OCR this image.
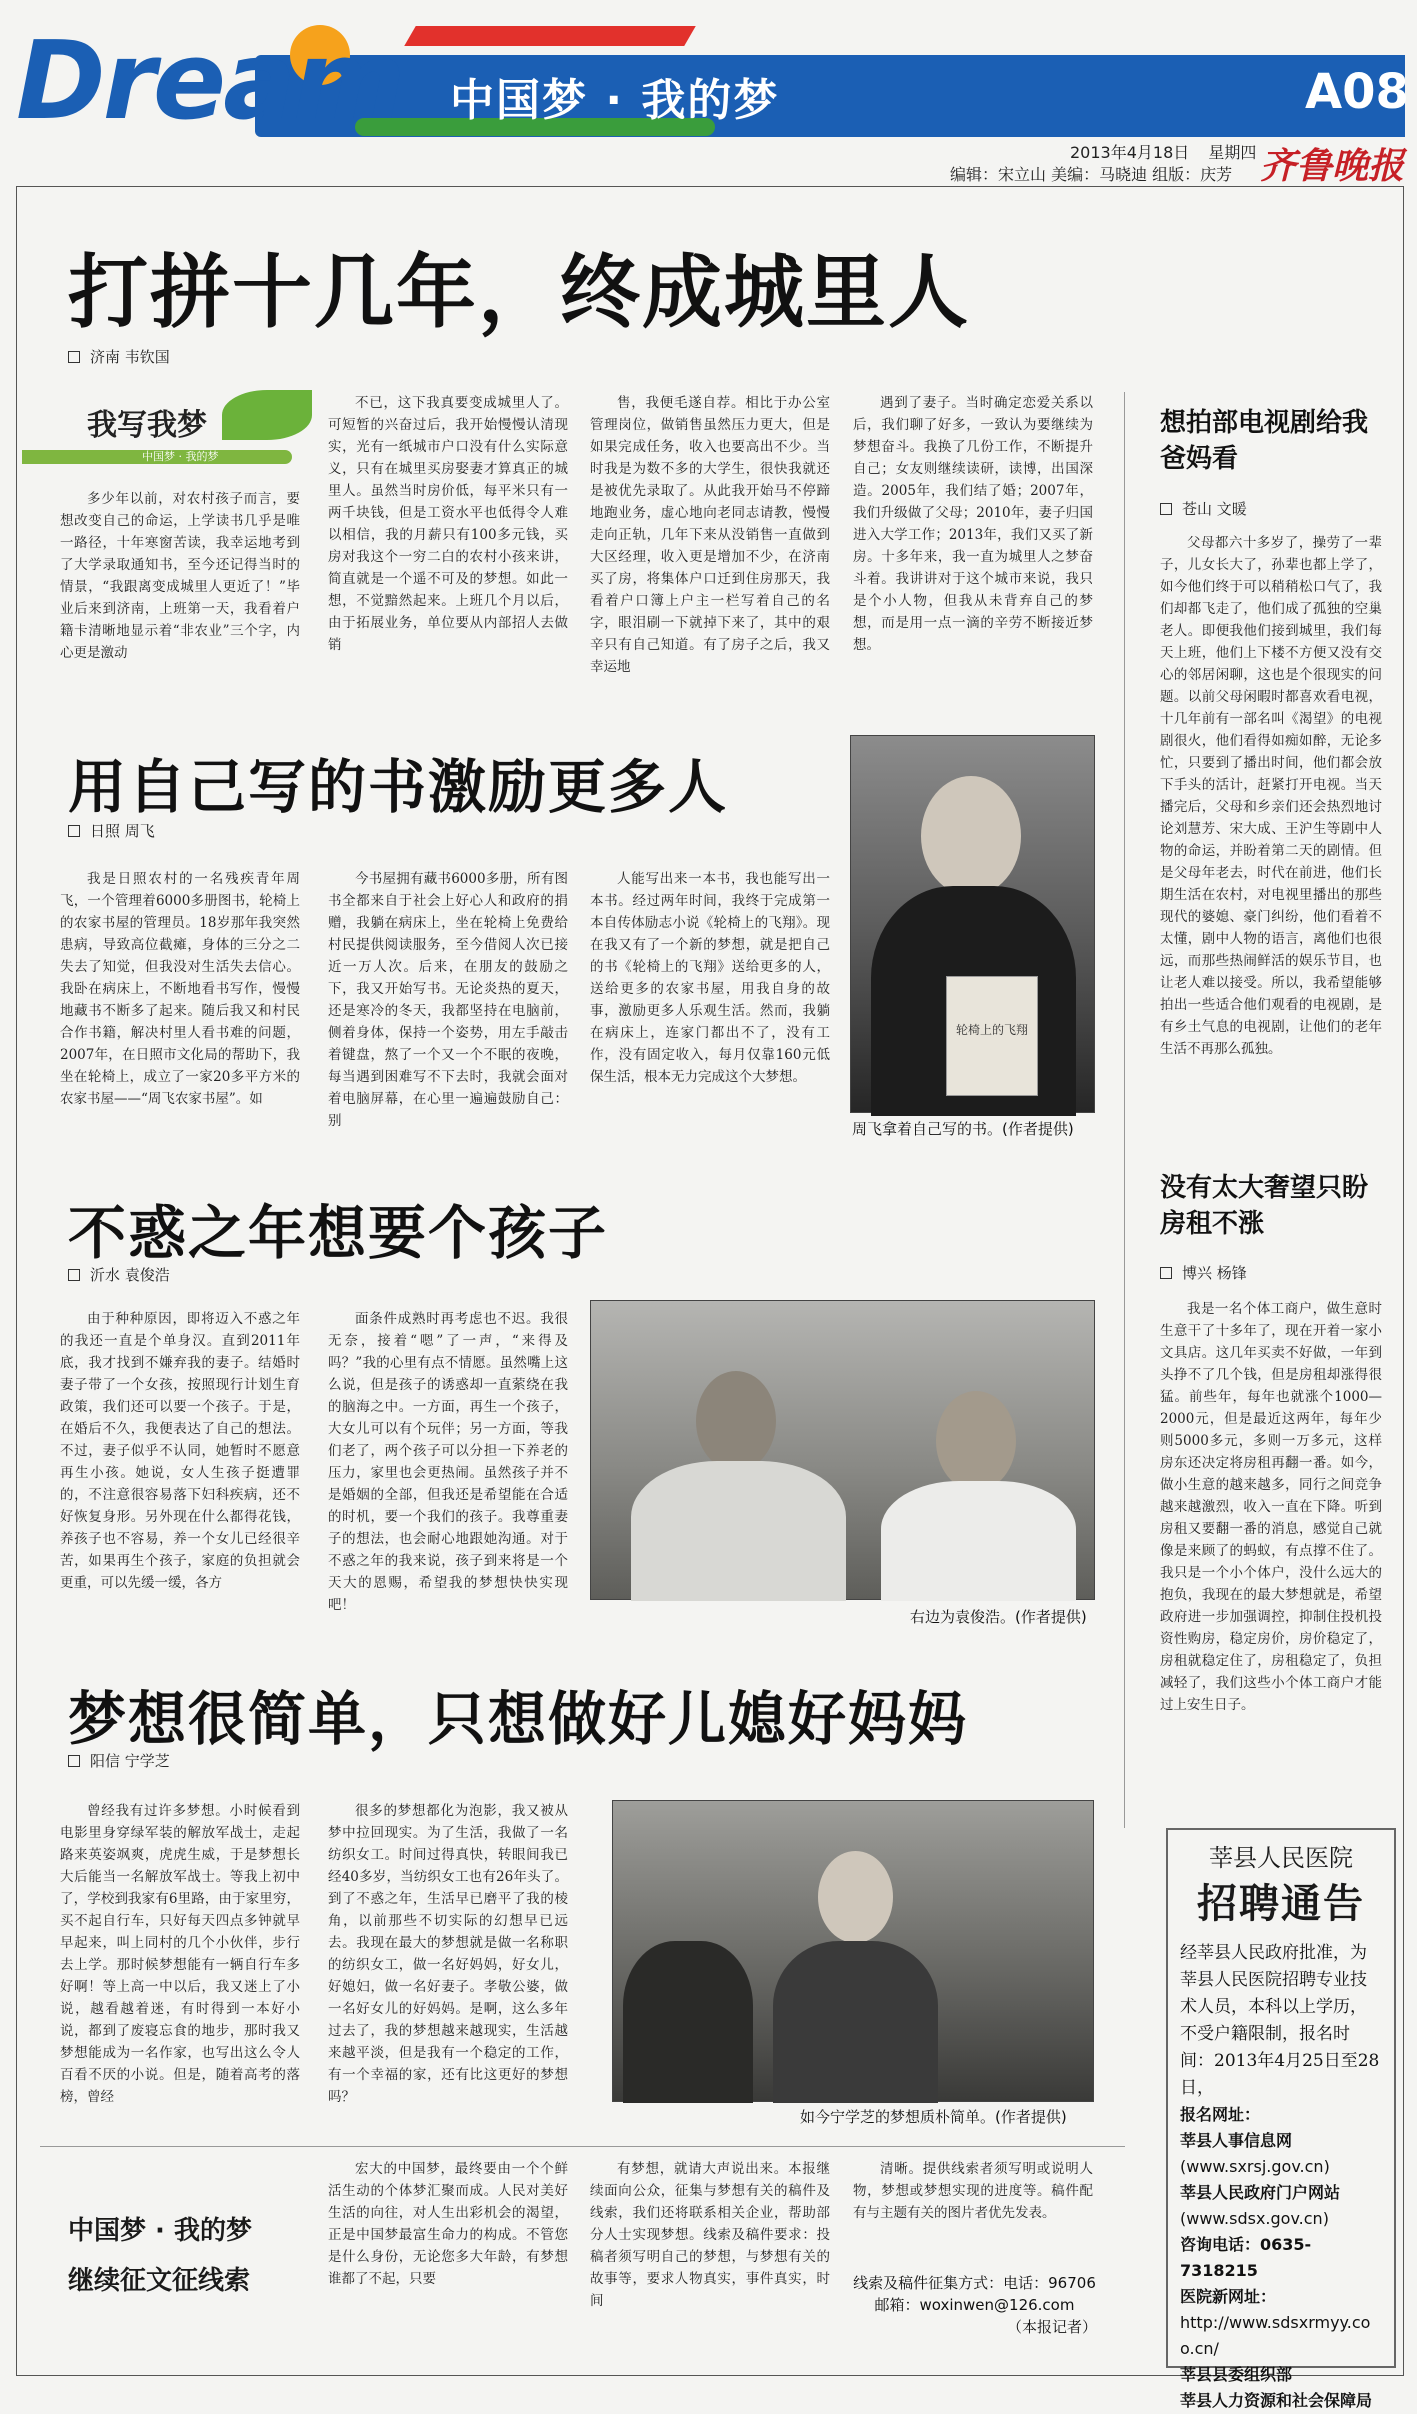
Dream 中国梦 · 我的梦	A08
2013年4月18日 星期四
编辑：宋立山 美编：马晓迪 组版：庆芳 齐鲁晚报
打拼十几年，终成城里人
济南 韦钦国
我写我梦
中国梦 · 我的梦
多少年以前，对农村孩子而言，要想改变自己的命运，上学读书几乎是唯一路径，十年寒窗苦读，我幸运地考到了大学录取通知书，至今还记得当时的情景，“我跟离变成城里人更近了！”毕业后来到济南，上班第一天，我看着户籍卡清晰地显示着“非农业”三个字，内心更是激动
不已，这下我真要变成城里人了。可短暂的兴奋过后，我开始慢慢认清现实，光有一纸城市户口没有什么实际意义，只有在城里买房娶妻才算真正的城里人。虽然当时房价低，每平米只有一两千块钱，但是工资水平也低得令人难以相信，我的月薪只有100多元钱，买房对我这个一穷二白的农村小孩来讲，简直就是一个遥不可及的梦想。如此一想，不觉黯然起来。上班几个月以后，由于拓展业务，单位要从内部招人去做销
售，我便毛遂自荐。相比于办公室管理岗位，做销售虽然压力更大，但是如果完成任务，收入也要高出不少。当时我是为数不多的大学生，很快我就还是被优先录取了。从此我开始马不停蹄地跑业务，虚心地向老同志请教，慢慢走向正轨，几年下来从没销售一直做到大区经理，收入更是增加不少，在济南买了房，将集体户口迁到住房那天，我看着户口簿上户主一栏写着自己的名字，眼泪刷一下就掉下来了，其中的艰辛只有自己知道。有了房子之后，我又幸运地
遇到了妻子。当时确定恋爱关系以后，我们聊了好多，一致认为要继续为梦想奋斗。我换了几份工作，不断提升自己；女友则继续读研，读博，出国深造。2005年，我们结了婚；2007年，我们升级做了父母；2010年，妻子归国进入大学工作；2013年，我们又买了新房。十多年来，我一直为城里人之梦奋斗着。我讲讲对于这个城市来说，我只是个小人物，但我从未背弃自己的梦想，而是用一点一滴的辛劳不断接近梦想。
想拍部电视剧给我爸妈看
苍山 文暖
父母都六十多岁了，操劳了一辈子，儿女长大了，孙辈也都上学了，如今他们终于可以稍稍松口气了，我们却都飞走了，他们成了孤独的空巢老人。即便我他们接到城里，我们每天上班，他们上下楼不方便又没有交心的邻居闲聊，这也是个很现实的问题。以前父母闲暇时都喜欢看电视，十几年前有一部名叫《渴望》的电视剧很火，他们看得如痴如醉，无论多忙，只要到了播出时间，他们都会放下手头的活计，赶紧打开电视。当天播完后，父母和乡亲们还会热烈地讨论刘慧芳、宋大成、王沪生等剧中人物的命运，并盼着第二天的剧情。但是父母年老去，时代在前进，他们长期生活在农村，对电视里播出的那些现代的婆媳、豪门纠纷，他们看着不太懂，剧中人物的语言，离他们也很远，而那些热闹鲜活的娱乐节目，也让老人难以接受。所以，我希望能够拍出一些适合他们观看的电视剧，是有乡土气息的电视剧，让他们的老年生活不再那么孤独。
用自己写的书激励更多人
日照 周飞
我是日照农村的一名残疾青年周飞，一个管理着6000多册图书，轮椅上的农家书屋的管理员。18岁那年我突然患病，导致高位截瘫，身体的三分之二失去了知觉，但我没对生活失去信心。我卧在病床上，不断地看书写作，慢慢地藏书不断多了起来。随后我又和村民合作书籍，解决村里人看书难的问题，2007年，在日照市文化局的帮助下，我坐在轮椅上，成立了一家20多平方米的农家书屋——“周飞农家书屋”。如
今书屋拥有藏书6000多册，所有图书全都来自于社会上好心人和政府的捐赠，我躺在病床上，坐在轮椅上免费给村民提供阅读服务，至今借阅人次已接近一万人次。后来，在朋友的鼓励之下，我又开始写书。无论炎热的夏天，还是寒冷的冬天，我都坚持在电脑前，侧着身体，保持一个姿势，用左手敲击着键盘，熬了一个又一个不眠的夜晚，每当遇到困难写不下去时，我就会面对着电脑屏幕，在心里一遍遍鼓励自己：别
人能写出来一本书，我也能写出一本书。经过两年时间，我终于完成第一本自传体励志小说《轮椅上的飞翔》。现在我又有了一个新的梦想，就是把自己的书《轮椅上的飞翔》送给更多的人，送给更多的农家书屋，用我自身的故事，激励更多人乐观生活。然而，我躺在病床上，连家门都出不了，没有工作，没有固定收入，每月仅靠160元低保生活，根本无力完成这个大梦想。
轮椅上的飞翔
周飞拿着自己写的书。(作者提供)
没有太大奢望只盼房租不涨
博兴 杨锋
我是一名个体工商户，做生意时生意干了十多年了，现在开着一家小文具店。这几年买卖不好做，一年到头挣不了几个钱，但是房租却涨得很猛。前些年，每年也就涨个1000—2000元，但是最近这两年，每年少则5000多元，多则一万多元，这样房东还决定将房租再翻一番。如今，做小生意的越来越多，同行之间竞争越来越激烈，收入一直在下降。听到房租又要翻一番的消息，感觉自己就像是来顾了的蚂蚁，有点撑不住了。我只是一个小个体户，没什么远大的抱负，我现在的最大梦想就是，希望政府进一步加强调控，抑制住投机投资性购房，稳定房价，房价稳定了，房租就稳定住了，房租稳定了，负担减轻了，我们这些小个体工商户才能过上安生日子。
不惑之年想要个孩子
沂水 袁俊浩
由于种种原因，即将迈入不惑之年的我还一直是个单身汉。直到2011年底，我才找到不嫌弃我的妻子。结婚时妻子带了一个女孩，按照现行计划生育政策，我们还可以要一个孩子。于是，在婚后不久，我便表达了自己的想法。不过，妻子似乎不认同，她暂时不愿意再生小孩。她说，女人生孩子挺遭罪的，不注意很容易落下妇科疾病，还不好恢复身形。另外现在什么都得花钱，养孩子也不容易，养一个女儿已经很辛苦，如果再生个孩子，家庭的负担就会更重，可以先缓一缓，各方
面条件成熟时再考虑也不迟。我很无奈，接着“嗯”了一声，“来得及吗？”我的心里有点不情愿。虽然嘴上这么说，但是孩子的诱惑却一直萦绕在我的脑海之中。一方面，再生一个孩子，大女儿可以有个玩伴；另一方面，等我们老了，两个孩子可以分担一下养老的压力，家里也会更热闹。虽然孩子并不是婚姻的全部，但我还是希望能在合适的时机，要一个我们的孩子。我尊重妻子的想法，也会耐心地跟她沟通。对于不惑之年的我来说，孩子到来将是一个天大的恩赐，希望我的梦想快快实现吧！
右边为袁俊浩。(作者提供)
梦想很简单，只想做好儿媳好妈妈
阳信 宁学芝
曾经我有过许多梦想。小时候看到电影里身穿绿军装的解放军战士，走起路来英姿飒爽，虎虎生威，于是梦想长大后能当一名解放军战士。等我上初中了，学校到我家有6里路，由于家里穷，买不起自行车，只好每天四点多钟就早早起来，叫上同村的几个小伙伴，步行去上学。那时候梦想能有一辆自行车多好啊！等上高一中以后，我又迷上了小说，越看越着迷，有时得到一本好小说，都到了废寝忘食的地步，那时我又梦想能成为一名作家，也写出这么令人百看不厌的小说。但是，随着高考的落榜，曾经
很多的梦想都化为泡影，我又被从梦中拉回现实。为了生活，我做了一名纺织女工。时间过得真快，转眼间我已经40多岁，当纺织女工也有26年头了。到了不惑之年，生活早已磨平了我的棱角，以前那些不切实际的幻想早已远去。我现在最大的梦想就是做一名称职的纺织女工，做一名好妈妈，好女儿，好媳妇，做一名好妻子。孝敬公婆，做一名好女儿的好妈妈。是啊，这么多年过去了，我的梦想越来越现实，生活越来越平淡，但是我有一个稳定的工作，有一个幸福的家，还有比这更好的梦想吗？
如今宁学芝的梦想质朴简单。(作者提供)
中国梦 · 我的梦
继续征文征线索
宏大的中国梦，最终要由一个个鲜活生动的个体梦汇聚而成。人民对美好生活的向往，对人生出彩机会的渴望，正是中国梦最富生命力的构成。不管您是什么身份，无论您多大年龄，有梦想谁都了不起，只要
有梦想，就请大声说出来。本报继续面向公众，征集与梦想有关的稿件及线索，我们还将联系相关企业，帮助部分人士实现梦想。线索及稿件要求：投稿者须写明自己的梦想，与梦想有关的故事等，要求人物真实，事件真实，时间
清晰。提供线索者须写明或说明人物，梦想或梦想实现的进度等。稿件配有与主题有关的图片者优先发表。
线索及稿件征集方式：电话：96706 邮箱：woxinwen@126.com
（本报记者）
莘县人民医院
招聘通告
经莘县人民政府批准，为莘县人民医院招聘专业技术人员，本科以上学历，不受户籍限制，报名时间：2013年4月25日至28日，
报名网址：
莘县人事信息网
(www.sxrsj.gov.cn)
莘县人民政府门户网站
(www.sdsx.gov.cn)
咨询电话：0635-7318215
医院新网址：
http://www.sdsxrmyy.coo.cn/
莘县县委组织部
莘县人力资源和社会保障局
